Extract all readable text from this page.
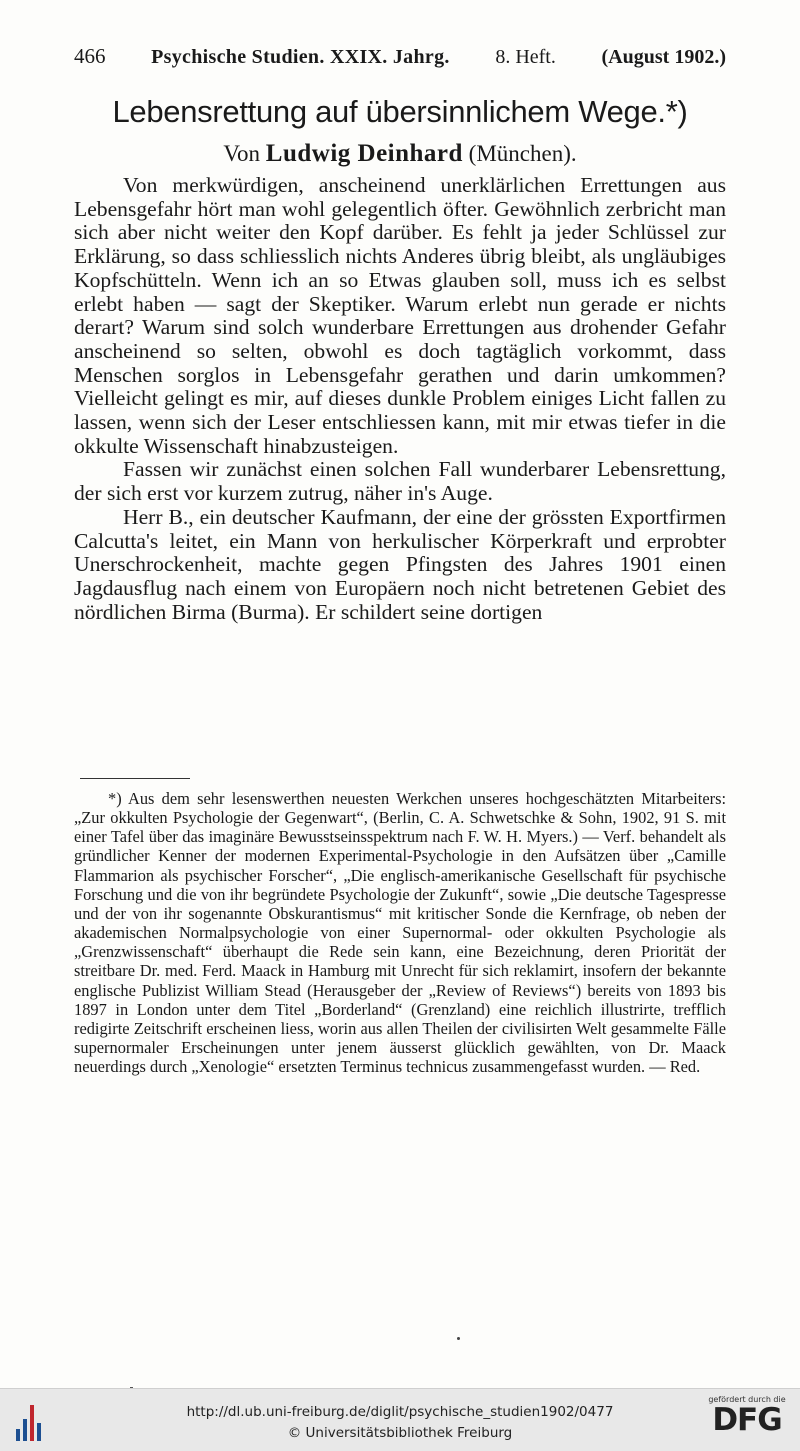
466 Psychische Studien. XXIX. Jahrg. 8. Heft. (August 1902.)
Lebensrettung auf übersinnlichem Wege.*)
Von Ludwig Deinhard (München).

Von merkwürdigen, anscheinend unerklärlichen Errettungen aus Lebensgefahr hört man wohl gelegentlich öfter. Gewöhnlich zerbricht man sich aber nicht weiter den Kopf darüber. Es fehlt ja jeder Schlüssel zur Erklärung, so dass schliesslich nichts Anderes übrig bleibt, als ungläubiges Kopfschütteln. Wenn ich an so Etwas glauben soll, muss ich es selbst erlebt haben — sagt der Skeptiker. Warum erlebt nun gerade er nichts derart? Warum sind solch wunderbare Errettungen aus drohender Gefahr anscheinend so selten, obwohl es doch tagtäglich vorkommt, dass Menschen sorglos in Lebensgefahr gerathen und darin umkommen? Vielleicht gelingt es mir, auf dieses dunkle Problem einiges Licht fallen zu lassen, wenn sich der Leser entschliessen kann, mit mir etwas tiefer in die okkulte Wissenschaft hinabzusteigen.

Fassen wir zunächst einen solchen Fall wunderbarer Lebensrettung, der sich erst vor kurzem zutrug, näher in's Auge.

Herr B., ein deutscher Kaufmann, der eine der grössten Exportfirmen Calcutta's leitet, ein Mann von herkulischer Körperkraft und erprobter Unerschrockenheit, machte gegen Pfingsten des Jahres 1901 einen Jagdausflug nach einem von Europäern noch nicht betretenen Gebiet des nördlichen Birma (Burma). Er schildert seine dortigen

*) Aus dem sehr lesenswerthen neuesten Werkchen unseres hochgeschätzten Mitarbeiters: „Zur okkulten Psychologie der Gegenwart“, (Berlin, C. A. Schwetschke & Sohn, 1902, 91 S. mit einer Tafel über das imaginäre Bewusstseinsspektrum nach F. W. H. Myers.) — Verf. behandelt als gründlicher Kenner der modernen Experimental-Psychologie in den Aufsätzen über „Camille Flammarion als psychischer Forscher“, „Die englisch-amerikanische Gesellschaft für psychische Forschung und die von ihr begründete Psychologie der Zukunft“, sowie „Die deutsche Tagespresse und der von ihr sogenannte Obskurantismus“ mit kritischer Sonde die Kernfrage, ob neben der akademischen Normalpsychologie von einer Supernormal- oder okkulten Psychologie als „Grenzwissenschaft“ überhaupt die Rede sein kann, eine Bezeichnung, deren Priorität der streitbare Dr. med. Ferd. Maack in Hamburg mit Unrecht für sich reklamirt, insofern der bekannte englische Publizist William Stead (Herausgeber der „Review of Reviews“) bereits von 1893 bis 1897 in London unter dem Titel „Borderland“ (Grenzland) eine reichlich illustrirte, trefflich redigirte Zeitschrift erscheinen liess, worin aus allen Theilen der civilisirten Welt gesammelte Fälle supernormaler Erscheinungen unter jenem äusserst glücklich gewählten, von Dr. Maack neuerdings durch „Xenologie“ ersetzten Terminus technicus zusammengefasst wurden. — Red.

http://dl.ub.uni-freiburg.de/diglit/psychische_studien1902/0477
© Universitätsbibliothek Freiburg
gefördert durch die
DFG
